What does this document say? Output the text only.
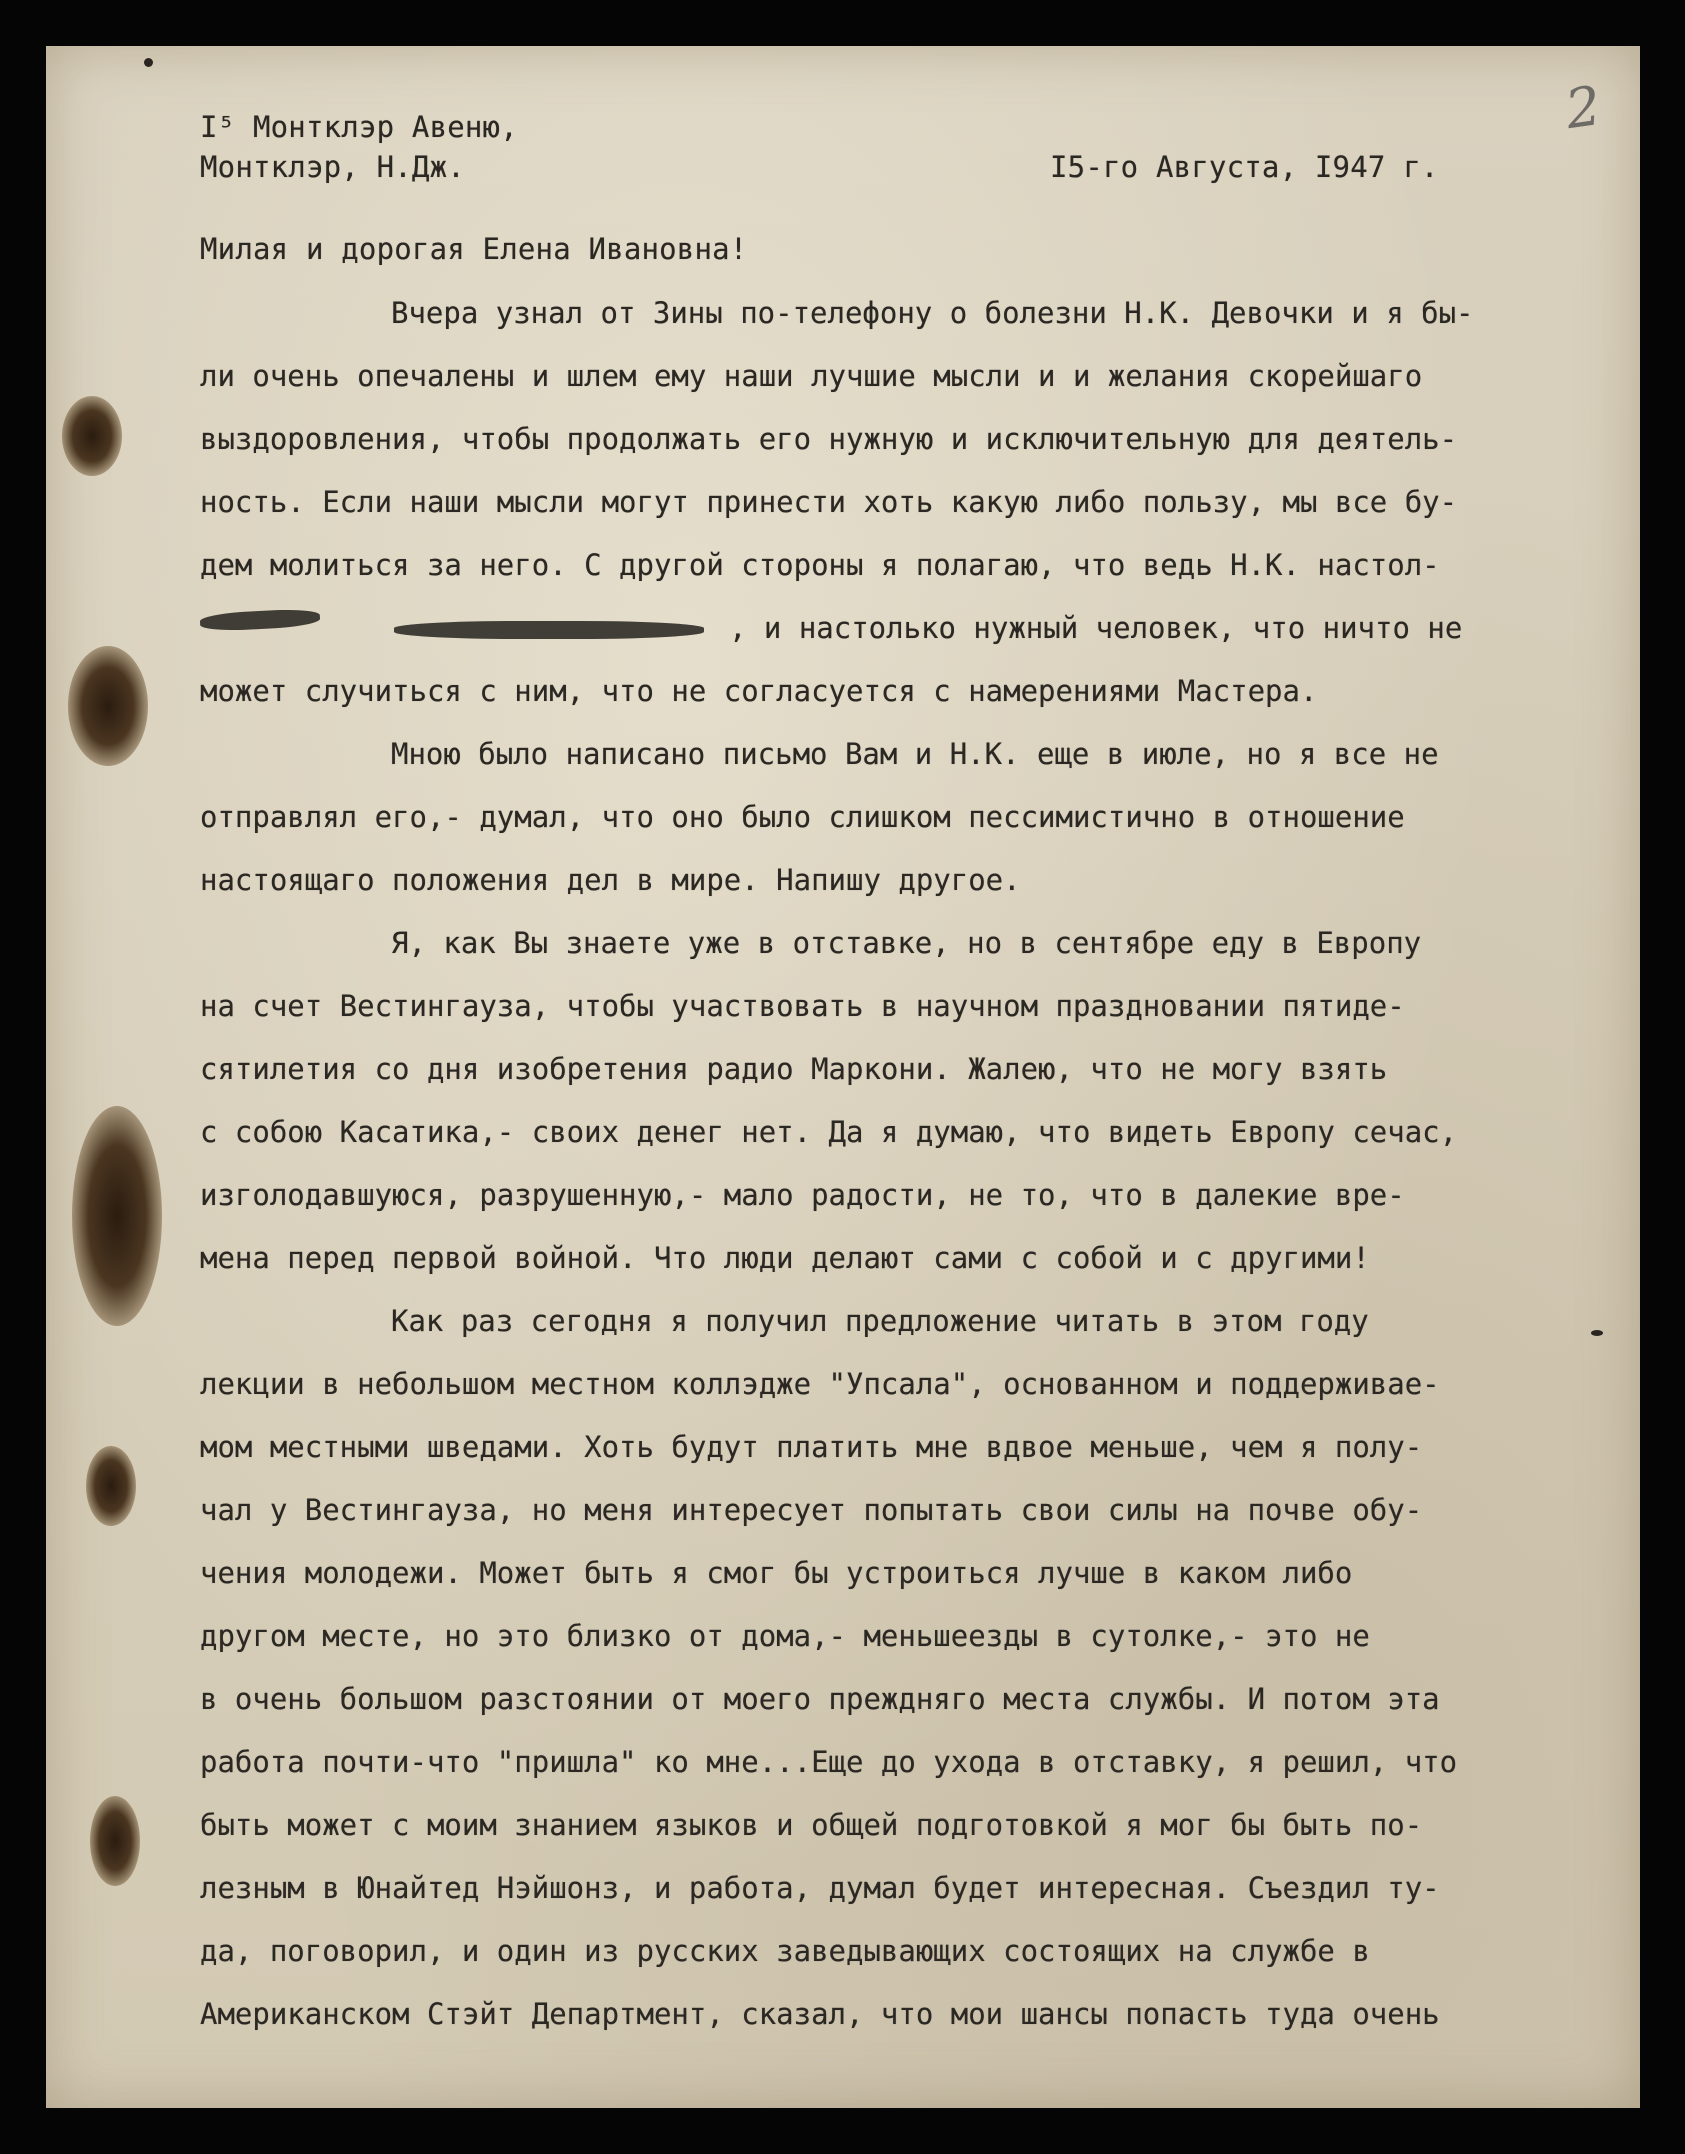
2
I⁵ Монтклэр Авеню,
Монтклэр, Н.Дж.	I5-го Августа, I947 г.
Милая и дорогая Елена Ивановна!
Вчера узнал от Зины по-телефону о болезни Н.К. Девочки и я бы-
ли очень опечалены и шлем ему наши лучшие мысли и и желания скорейшаго
выздоровления, чтобы продолжать его нужную и исключительную для деятель-
ность. Если наши мысли могут принести хоть какую либо пользу, мы все бу-
дем молиться за него. С другой стороны я полагаю, что ведь Н.К. настол-
, и настолько нужный человек, что ничто не
может случиться с ним, что не согласуется с намерениями Мастера.
Мною было написано письмо Вам и Н.К. еще в июле, но я все не
отправлял его,- думал, что оно было слишком пессимистично в отношение
настоящаго положения дел в мире. Напишу другое.
Я, как Вы знаете уже в отставке, но в сентябре еду в Европу
на счет Вестингауза, чтобы участвовать в научном праздновании пятиде-
сятилетия со дня изобретения радио Маркони. Жалею, что не могу взять
с собою Касатика,- своих денег нет. Да я думаю, что видеть Европу сечас,
изголодавшуюся, разрушенную,- мало радости, не то, что в далекие вре-
мена перед первой войной. Что люди делают сами с собой и с другими!
Как раз сегодня я получил предложение читать в этом году
лекции в небольшом местном коллэдже "Упсала", основанном и поддерживае-
мом местными шведами. Хоть будут платить мне вдвое меньше, чем я полу-
чал у Вестингауза, но меня интересует попытать свои силы на почве обу-
чения молодежи. Может быть я смог бы устроиться лучше в каком либо
другом месте, но это близко от дома,- меньшеезды в сутолке,- это не
в очень большом разстоянии от моего преждняго места службы. И потом эта
работа почти-что "пришла" ко мне...Еще до ухода в отставку, я решил, что
быть может с моим знанием языков и общей подготовкой я мог бы быть по-
лезным в Юнайтед Нэйшонз, и работа, думал будет интересная. Съездил ту-
да, поговорил, и один из русских заведывающих состоящих на службе в
Американском Стэйт Департмент, сказал, что мои шансы попасть туда очень
